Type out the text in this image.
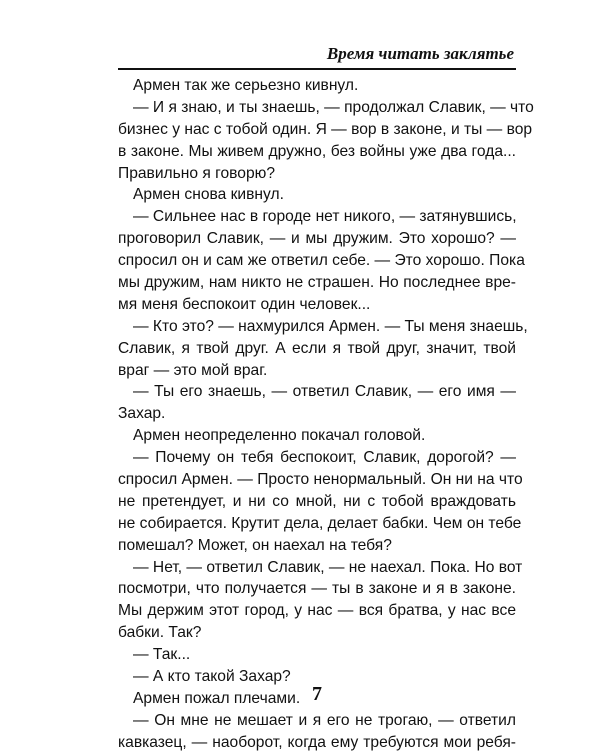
Время читать заклятье
Армен так же серьезно кивнул.
— И я знаю, и ты знаешь, — продолжал Славик, — что
бизнес у нас с тобой один. Я — вор в законе, и ты — вор
в законе. Мы живем дружно, без войны уже два года...
Правильно я говорю?
Армен снова кивнул.
— Сильнее нас в городе нет никого, — затянувшись,
проговорил Славик, — и мы дружим. Это хорошо? —
спросил он и сам же ответил себе. — Это хорошо. Пока
мы дружим, нам никто не страшен. Но последнее вре-
мя меня беспокоит один человек...
— Кто это? — нахмурился Армен. — Ты меня знаешь,
Славик, я твой друг. А если я твой друг, значит, твой
враг — это мой враг.
— Ты его знаешь, — ответил Славик, — его имя —
Захар.
Армен неопределенно покачал головой.
— Почему он тебя беспокоит, Славик, дорогой? —
спросил Армен. — Просто ненормальный. Он ни на что
не претендует, и ни со мной, ни с тобой враждовать
не собирается. Крутит дела, делает бабки. Чем он тебе
помешал? Может, он наехал на тебя?
— Нет, — ответил Славик, — не наехал. Пока. Но вот
посмотри, что получается — ты в законе и я в законе.
Мы держим этот город, у нас — вся братва, у нас все
бабки. Так?
— Так...
— А кто такой Захар?
Армен пожал плечами.
— Он мне не мешает и я его не трогаю, — ответил
кавказец, — наоборот, когда ему требуются мои ребя-
7
